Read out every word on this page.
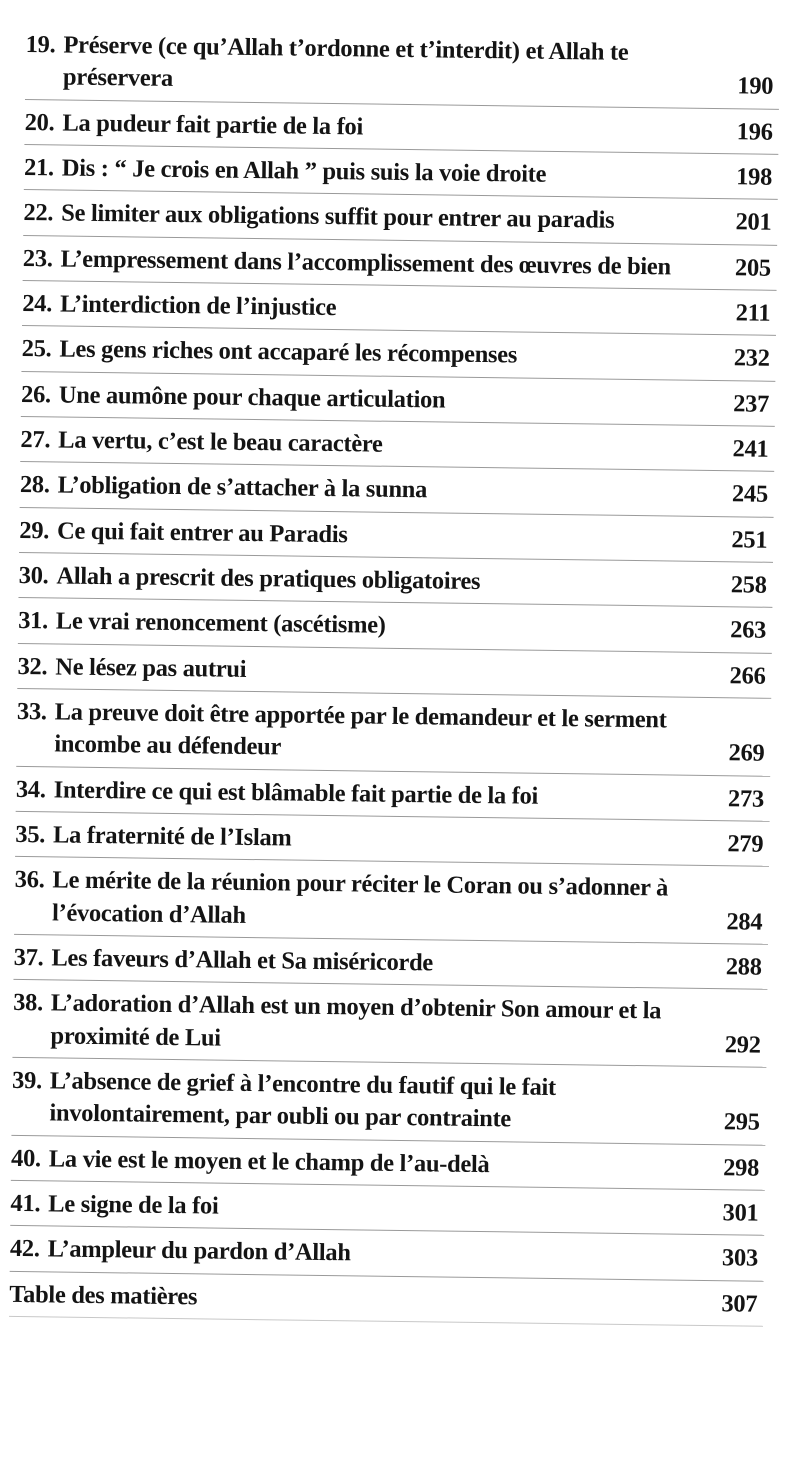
19. Préserve (ce qu’Allah t’ordonne et t’interdit) et Allah te préservera	190
20. La pudeur fait partie de la foi	196
21. Dis : “ Je crois en Allah ” puis suis la voie droite	198
22. Se limiter aux obligations suffit pour entrer au paradis	201
23. L’empressement dans l’accomplissement des œuvres de bien	205
24. L’interdiction de l’injustice	211
25. Les gens riches ont accaparé les récompenses	232
26. Une aumône pour chaque articulation	237
27. La vertu, c’est le beau caractère	241
28. L’obligation de s’attacher à la sunna	245
29. Ce qui fait entrer au Paradis	251
30. Allah a prescrit des pratiques obligatoires	258
31. Le vrai renoncement (ascétisme)	263
32. Ne lésez pas autrui	266
33. La preuve doit être apportée par le demandeur et le serment incombe au défendeur	269
34. Interdire ce qui est blâmable fait partie de la foi	273
35. La fraternité de l’Islam	279
36. Le mérite de la réunion pour réciter le Coran ou s’adonner à l’évocation d’Allah	284
37. Les faveurs d’Allah et Sa miséricorde	288
38. L’adoration d’Allah est un moyen d’obtenir Son amour et la proximité de Lui	292
39. L’absence de grief à l’encontre du fautif qui le fait involontairement, par oubli ou par contrainte	295
40. La vie est le moyen et le champ de l’au-delà	298
41. Le signe de la foi	301
42. L’ampleur du pardon d’Allah	303
Table des matières	307
